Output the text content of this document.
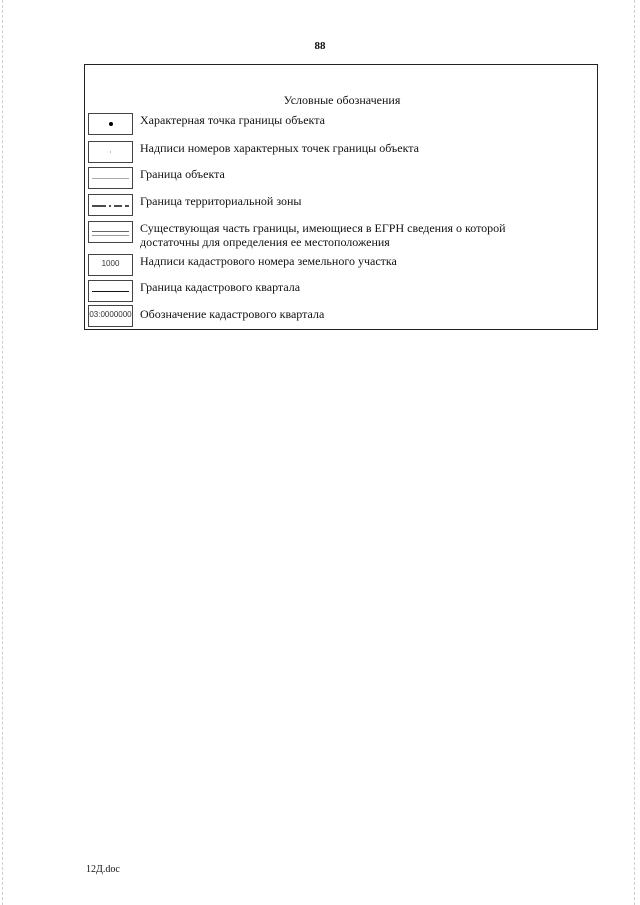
88
Условные обозначения
Характерная точка границы объекта
Надписи номеров характерных точек границы объекта
Граница объекта
Граница территориальной зоны
Существующая часть границы, имеющиеся в ЕГРН сведения о которой
достаточны для определения ее местоположения
1000	Надписи кадастрового номера земельного участка
Граница кадастрового квартала
03:0000000 Обозначение кадастрового квартала
12Д.doc
